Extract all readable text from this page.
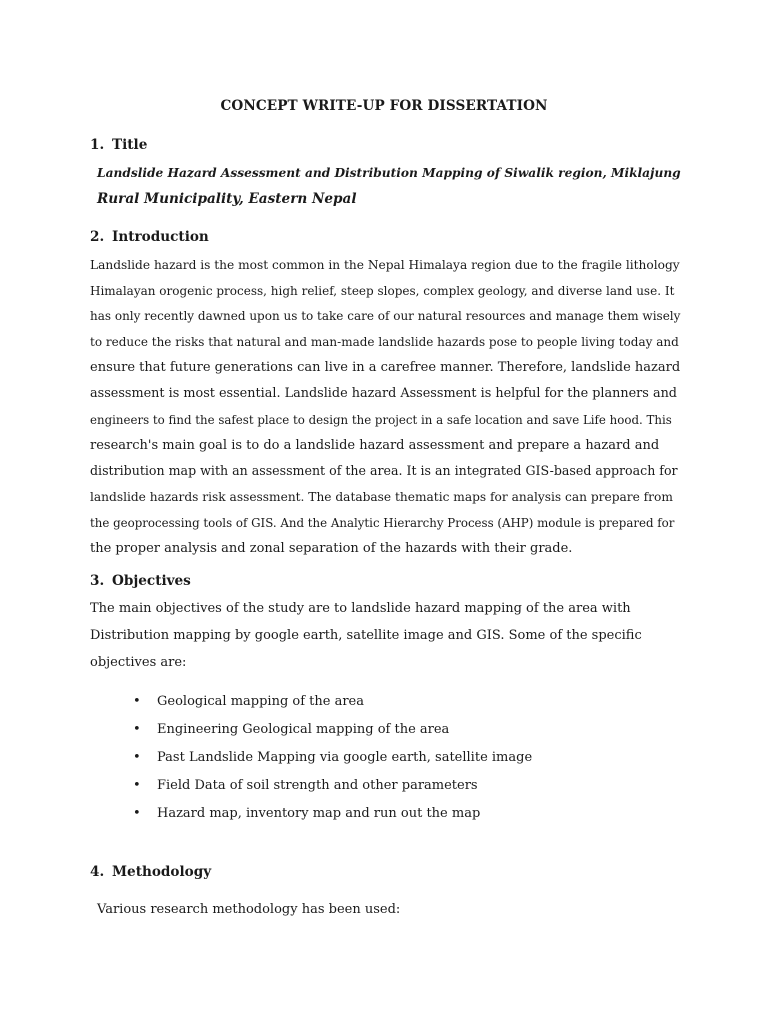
CONCEPT WRITE-UP FOR DISSERTATION
1. Title
Landslide Hazard Assessment and Distribution Mapping of Siwalik region, Miklajung
Rural Municipality, Eastern Nepal
2. Introduction
Landslide hazard is the most common in the Nepal Himalaya region due to the fragile lithology
Himalayan orogenic process, high relief, steep slopes, complex geology, and diverse land use. It
has only recently dawned upon us to take care of our natural resources and manage them wisely
to reduce the risks that natural and man-made landslide hazards pose to people living today and
ensure that future generations can live in a carefree manner. Therefore, landslide hazard
assessment is most essential. Landslide hazard Assessment is helpful for the planners and
engineers to find the safest place to design the project in a safe location and save Life hood. This
research's main goal is to do a landslide hazard assessment and prepare a hazard and
distribution map with an assessment of the area. It is an integrated GIS-based approach for
landslide hazards risk assessment. The database thematic maps for analysis can prepare from
the geoprocessing tools of GIS. And the Analytic Hierarchy Process (AHP) module is prepared for
the proper analysis and zonal separation of the hazards with their grade.
3. Objectives
The main objectives of the study are to landslide hazard mapping of the area with
Distribution mapping by google earth, satellite image and GIS. Some of the specific
objectives are:
• Geological mapping of the area
• Engineering Geological mapping of the area
• Past Landslide Mapping via google earth, satellite image
• Field Data of soil strength and other parameters
• Hazard map, inventory map and run out the map
4. Methodology
Various research methodology has been used:
